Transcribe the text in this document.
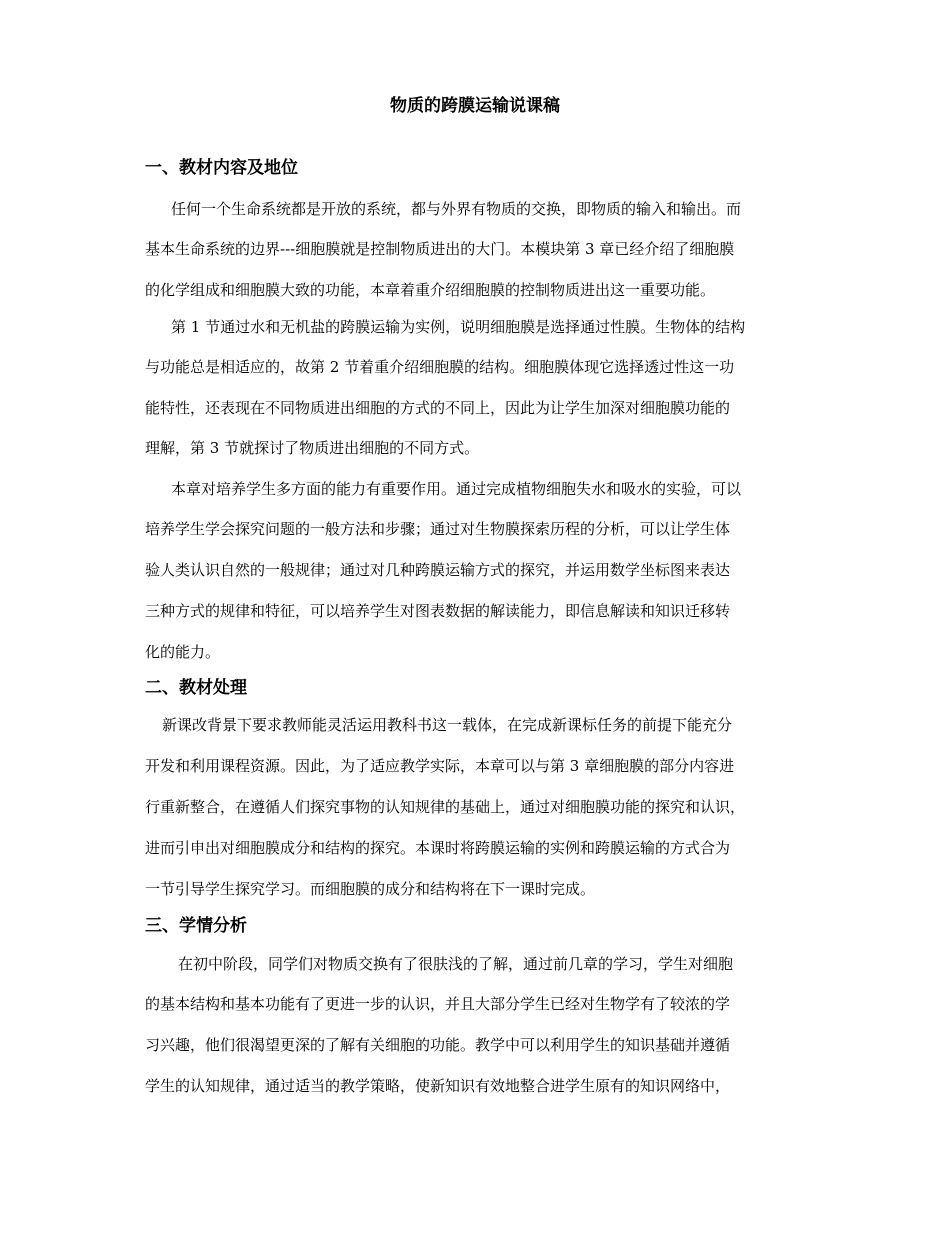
物质的跨膜运输说课稿
一、教材内容及地位
任何一个生命系统都是开放的系统，都与外界有物质的交换，即物质的输入和输出。而
基本生命系统的边界---细胞膜就是控制物质进出的大门。本模块第 3 章已经介绍了细胞膜
的化学组成和细胞膜大致的功能，本章着重介绍细胞膜的控制物质进出这一重要功能。
第 1 节通过水和无机盐的跨膜运输为实例，说明细胞膜是选择通过性膜。生物体的结构
与功能总是相适应的，故第 2 节着重介绍细胞膜的结构。细胞膜体现它选择透过性这一功
能特性，还表现在不同物质进出细胞的方式的不同上，因此为让学生加深对细胞膜功能的
理解，第 3 节就探讨了物质进出细胞的不同方式。
本章对培养学生多方面的能力有重要作用。通过完成植物细胞失水和吸水的实验，可以
培养学生学会探究问题的一般方法和步骤；通过对生物膜探索历程的分析，可以让学生体
验人类认识自然的一般规律；通过对几种跨膜运输方式的探究，并运用数学坐标图来表达
三种方式的规律和特征，可以培养学生对图表数据的解读能力，即信息解读和知识迁移转
化的能力。
二、教材处理
新课改背景下要求教师能灵活运用教科书这一载体，在完成新课标任务的前提下能充分
开发和利用课程资源。因此，为了适应教学实际，本章可以与第 3 章细胞膜的部分内容进
行重新整合，在遵循人们探究事物的认知规律的基础上，通过对细胞膜功能的探究和认识，
进而引申出对细胞膜成分和结构的探究。本课时将跨膜运输的实例和跨膜运输的方式合为
一节引导学生探究学习。而细胞膜的成分和结构将在下一课时完成。
三、学情分析
在初中阶段，同学们对物质交换有了很肤浅的了解，通过前几章的学习，学生对细胞
的基本结构和基本功能有了更进一步的认识，并且大部分学生已经对生物学有了较浓的学
习兴趣，他们很渴望更深的了解有关细胞的功能。教学中可以利用学生的知识基础并遵循
学生的认知规律，通过适当的教学策略，使新知识有效地整合进学生原有的知识网络中，
